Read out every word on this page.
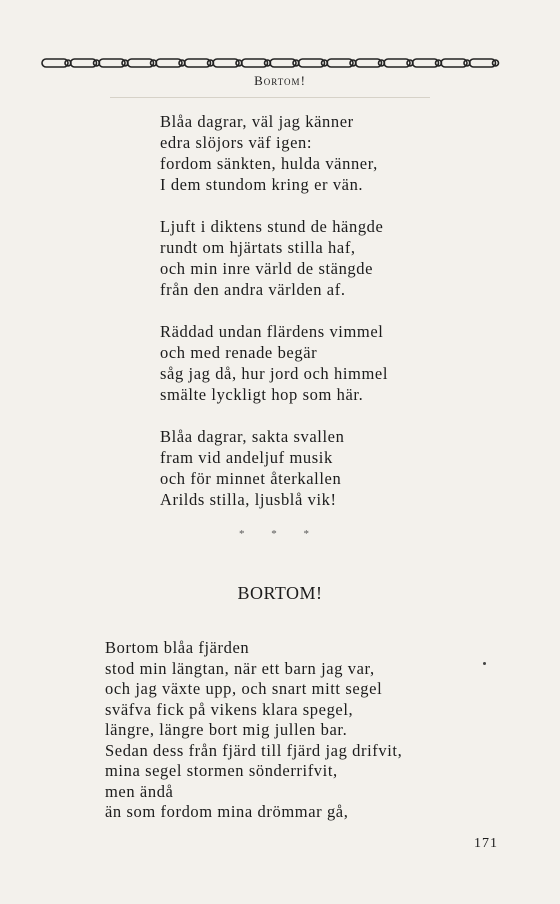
Bortom!
Blåa dagrar, väl jag känner
edra slöjors väf igen:
fordom sänkten, hulda vänner,
I dem stundom kring er vän.
Ljuft i diktens stund de hängde
rundt om hjärtats stilla haf,
och min inre värld de stängde
från den andra världen af.
Räddad undan flärdens vimmel
och med renade begär
såg jag då, hur jord och himmel
smälte lyckligt hop som här.
Blåa dagrar, sakta svallen
fram vid andeljuf musik
och för minnet återkallen
Arilds stilla, ljusblå vik!
* * *
BORTOM!
Bortom blåa fjärden
stod min längtan, när ett barn jag var,
och jag växte upp, och snart mitt segel
sväfva fick på vikens klara spegel,
längre, längre bort mig jullen bar.
Sedan dess från fjärd till fjärd jag drifvit,
mina segel stormen sönderrifvit,
men ändå
än som fordom mina drömmar gå,
171
